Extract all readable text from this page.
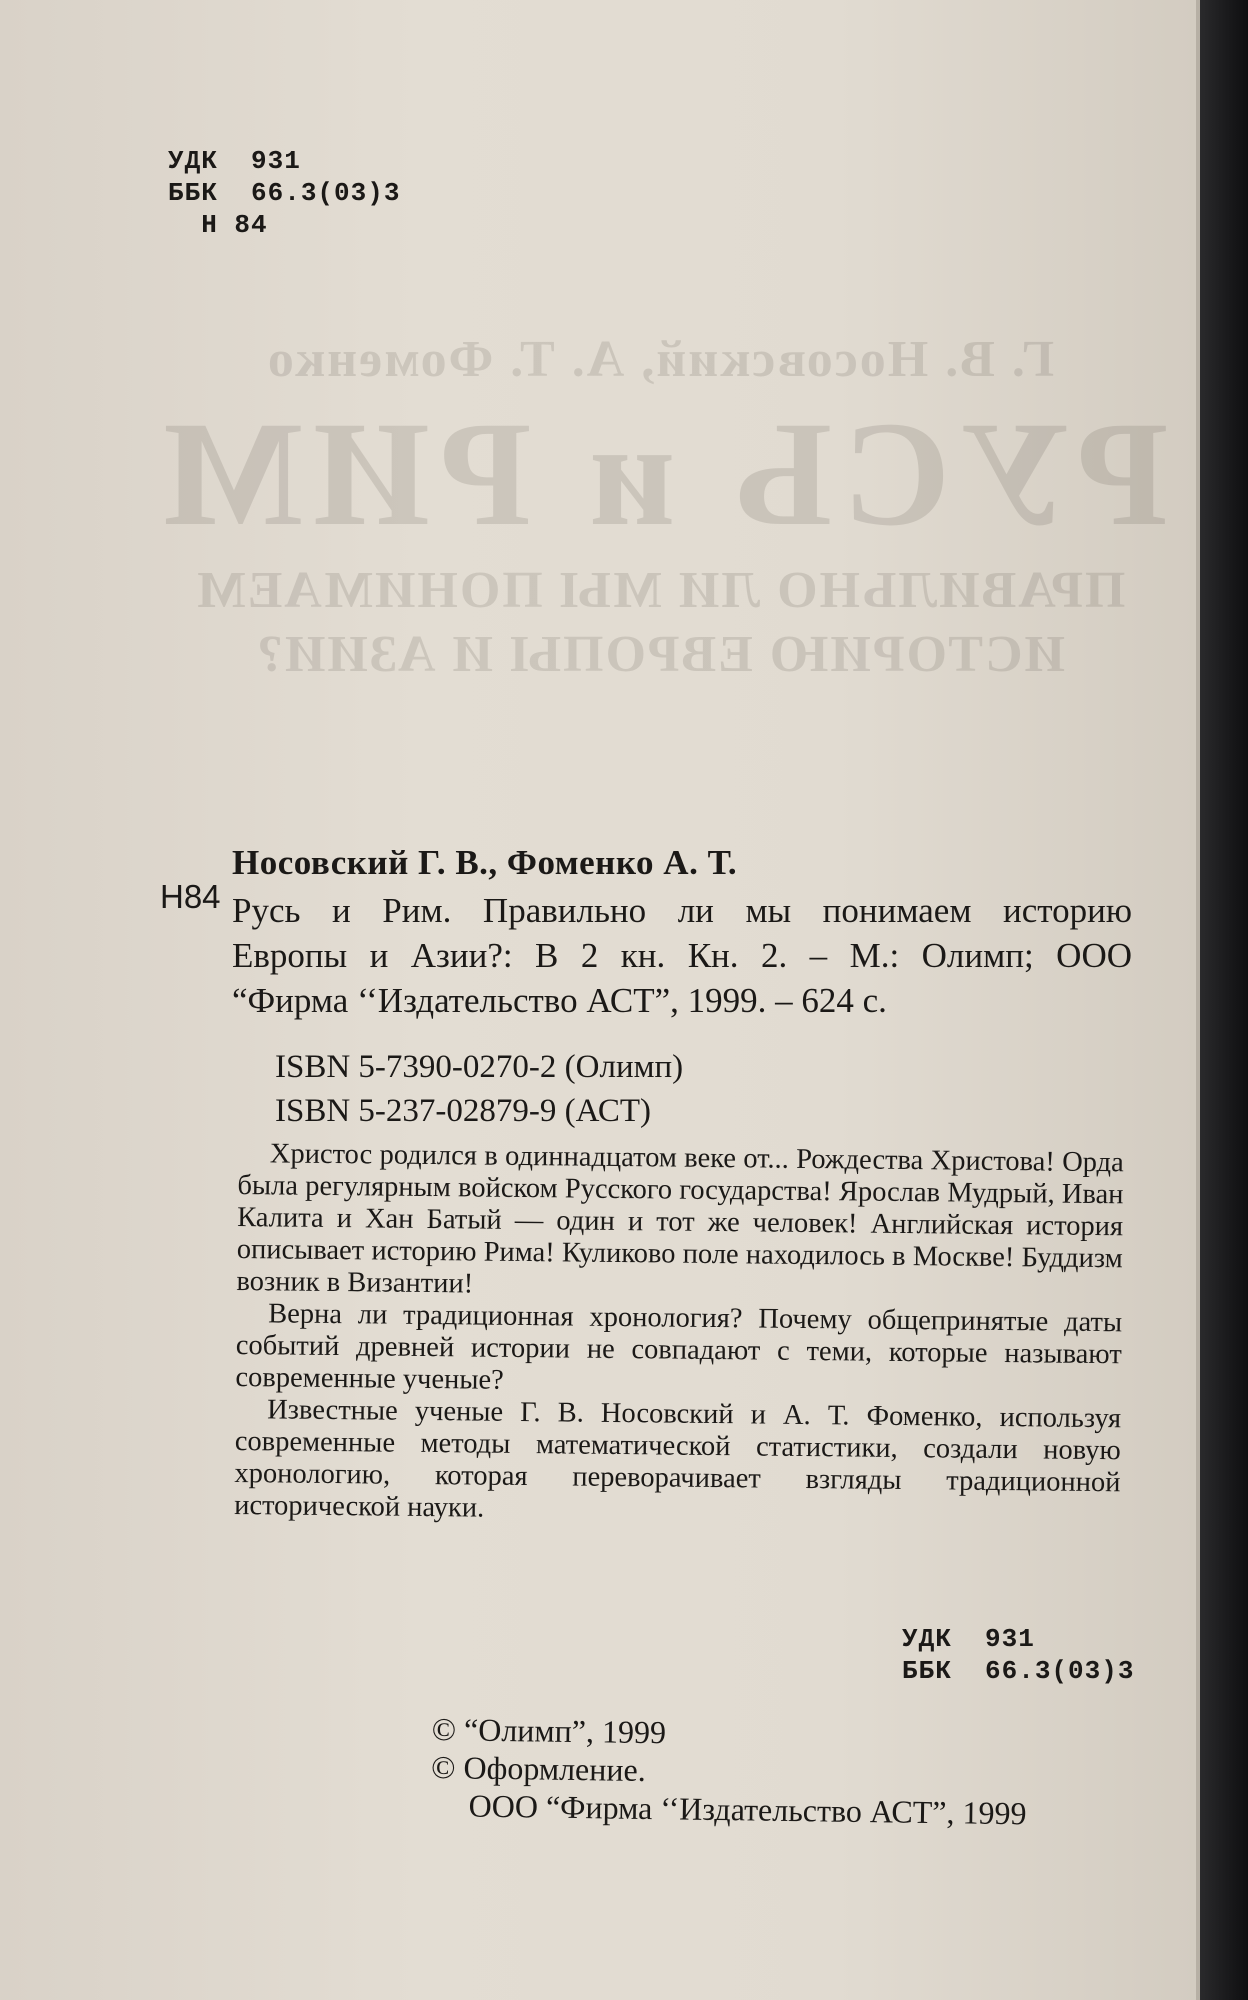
Г. В. Носовский, А. Т. Фоменко
РУСЬ и РИМ
ПРАВИЛЬНО ЛИ МЫ ПОНИМАЕМ
ИСТОРИЮ ЕВРОПЫ И АЗИИ?
УДК  931
ББК  66.3(03)3
Н 84
Носовский Г. В., Фоменко А. Т.
Н84 Русь и Рим. Правильно ли мы понимаем историю
Европы и Азии?: В 2 кн. Кн. 2. – М.: Олимп; ООО
“Фирма ‘‘Издательство АСТ”, 1999. – 624 с.
ISBN 5-7390-0270-2 (Олимп)
ISBN 5-237-02879-9 (АСТ)

Христос родился в одиннадцатом веке от... Рождества Христова! Орда была регулярным войском Русского государства! Ярослав Мудрый, Иван Калита и Хан Батый — один и тот же человек! Английская история описывает историю Рима! Куликово поле находилось в Москве! Буддизм возник в Византии!

Верна ли традиционная хронология? Почему общепринятые даты событий древней истории не совпадают с теми, которые называют современные ученые?

Известные ученые Г. В. Носовский и А. Т. Фоменко, используя современные методы математической статистики, создали новую хронологию, которая переворачивает взгляды традиционной исторической науки.

УДК  931
ББК  66.3(03)3
© “Олимп”, 1999
© Оформление.
ООО “Фирма ‘‘Издательство АСТ”, 1999
